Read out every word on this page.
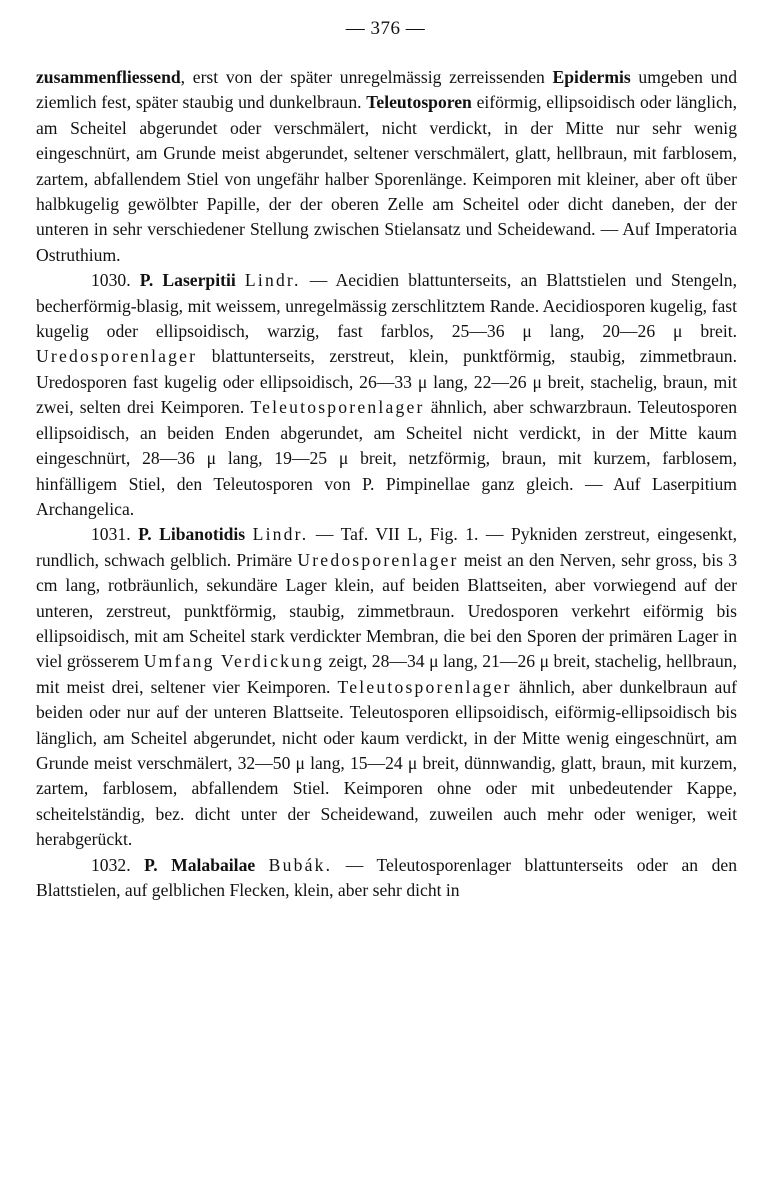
— 376 —

zusammenfliessend, erst von der später unregelmässig zerreissenden Epidermis umgeben und ziemlich fest, später staubig und dunkelbraun. Teleutosporen eiförmig, ellipsoidisch oder länglich, am Scheitel abgerundet oder verschmälert, nicht verdickt, in der Mitte nur sehr wenig eingeschnürt, am Grunde meist abgerundet, seltener verschmälert, glatt, hellbraun, mit farblosem, zartem, abfallendem Stiel von ungefähr halber Sporenlänge. Keimporen mit kleiner, aber oft über halbkugelig gewölbter Papille, der der oberen Zelle am Scheitel oder dicht daneben, der der unteren in sehr verschiedener Stellung zwischen Stielansatz und Scheidewand. — Auf Imperatoria Ostruthium.

1030. P. Laserpitii Lindr. — Aecidien blattunterseits, an Blattstielen und Stengeln, becherförmig-blasig, mit weissem, unregelmässig zerschlitztem Rande. Aecidiosporen kugelig, fast kugelig oder ellipsoidisch, warzig, fast farblos, 25—36 μ lang, 20—26 μ breit. Uredosporenlager blattunterseits, zerstreut, klein, punktförmig, staubig, zimmetbraun. Uredosporen fast kugelig oder ellipsoidisch, 26—33 μ lang, 22—26 μ breit, stachelig, braun, mit zwei, selten drei Keimporen. Teleutosporenlager ähnlich, aber schwarzbraun. Teleutosporen ellipsoidisch, an beiden Enden abgerundet, am Scheitel nicht verdickt, in der Mitte kaum eingeschnürt, 28—36 μ lang, 19—25 μ breit, netzförmig, braun, mit kurzem, farblosem, hinfälligem Stiel, den Teleutosporen von P. Pimpinellae ganz gleich. — Auf Laserpitium Archangelica.

1031. P. Libanotidis Lindr. — Taf. VII L, Fig. 1. — Pykniden zerstreut, eingesenkt, rundlich, schwach gelblich. Primäre Uredosporenlager meist an den Nerven, sehr gross, bis 3 cm lang, rotbräunlich, sekundäre Lager klein, auf beiden Blattseiten, aber vorwiegend auf der unteren, zerstreut, punktförmig, staubig, zimmetbraun. Uredosporen verkehrt eiförmig bis ellipsoidisch, mit am Scheitel stark verdickter Membran, die bei den Sporen der primären Lager in viel grösserem Umfang Verdickung zeigt, 28—34 μ lang, 21—26 μ breit, stachelig, hellbraun, mit meist drei, seltener vier Keimporen. Teleutosporenlager ähnlich, aber dunkelbraun auf beiden oder nur auf der unteren Blattseite. Teleutosporen ellipsoidisch, eiförmig-ellipsoidisch bis länglich, am Scheitel abgerundet, nicht oder kaum verdickt, in der Mitte wenig eingeschnürt, am Grunde meist verschmälert, 32—50 μ lang, 15—24 μ breit, dünnwandig, glatt, braun, mit kurzem, zartem, farblosem, abfallendem Stiel. Keimporen ohne oder mit unbedeutender Kappe, scheitelständig, bez. dicht unter der Scheidewand, zuweilen auch mehr oder weniger, weit herabgerückt.

1032. P. Malabailae Bubák. — Teleutosporenlager blattunterseits oder an den Blattstielen, auf gelblichen Flecken, klein, aber sehr dicht in
